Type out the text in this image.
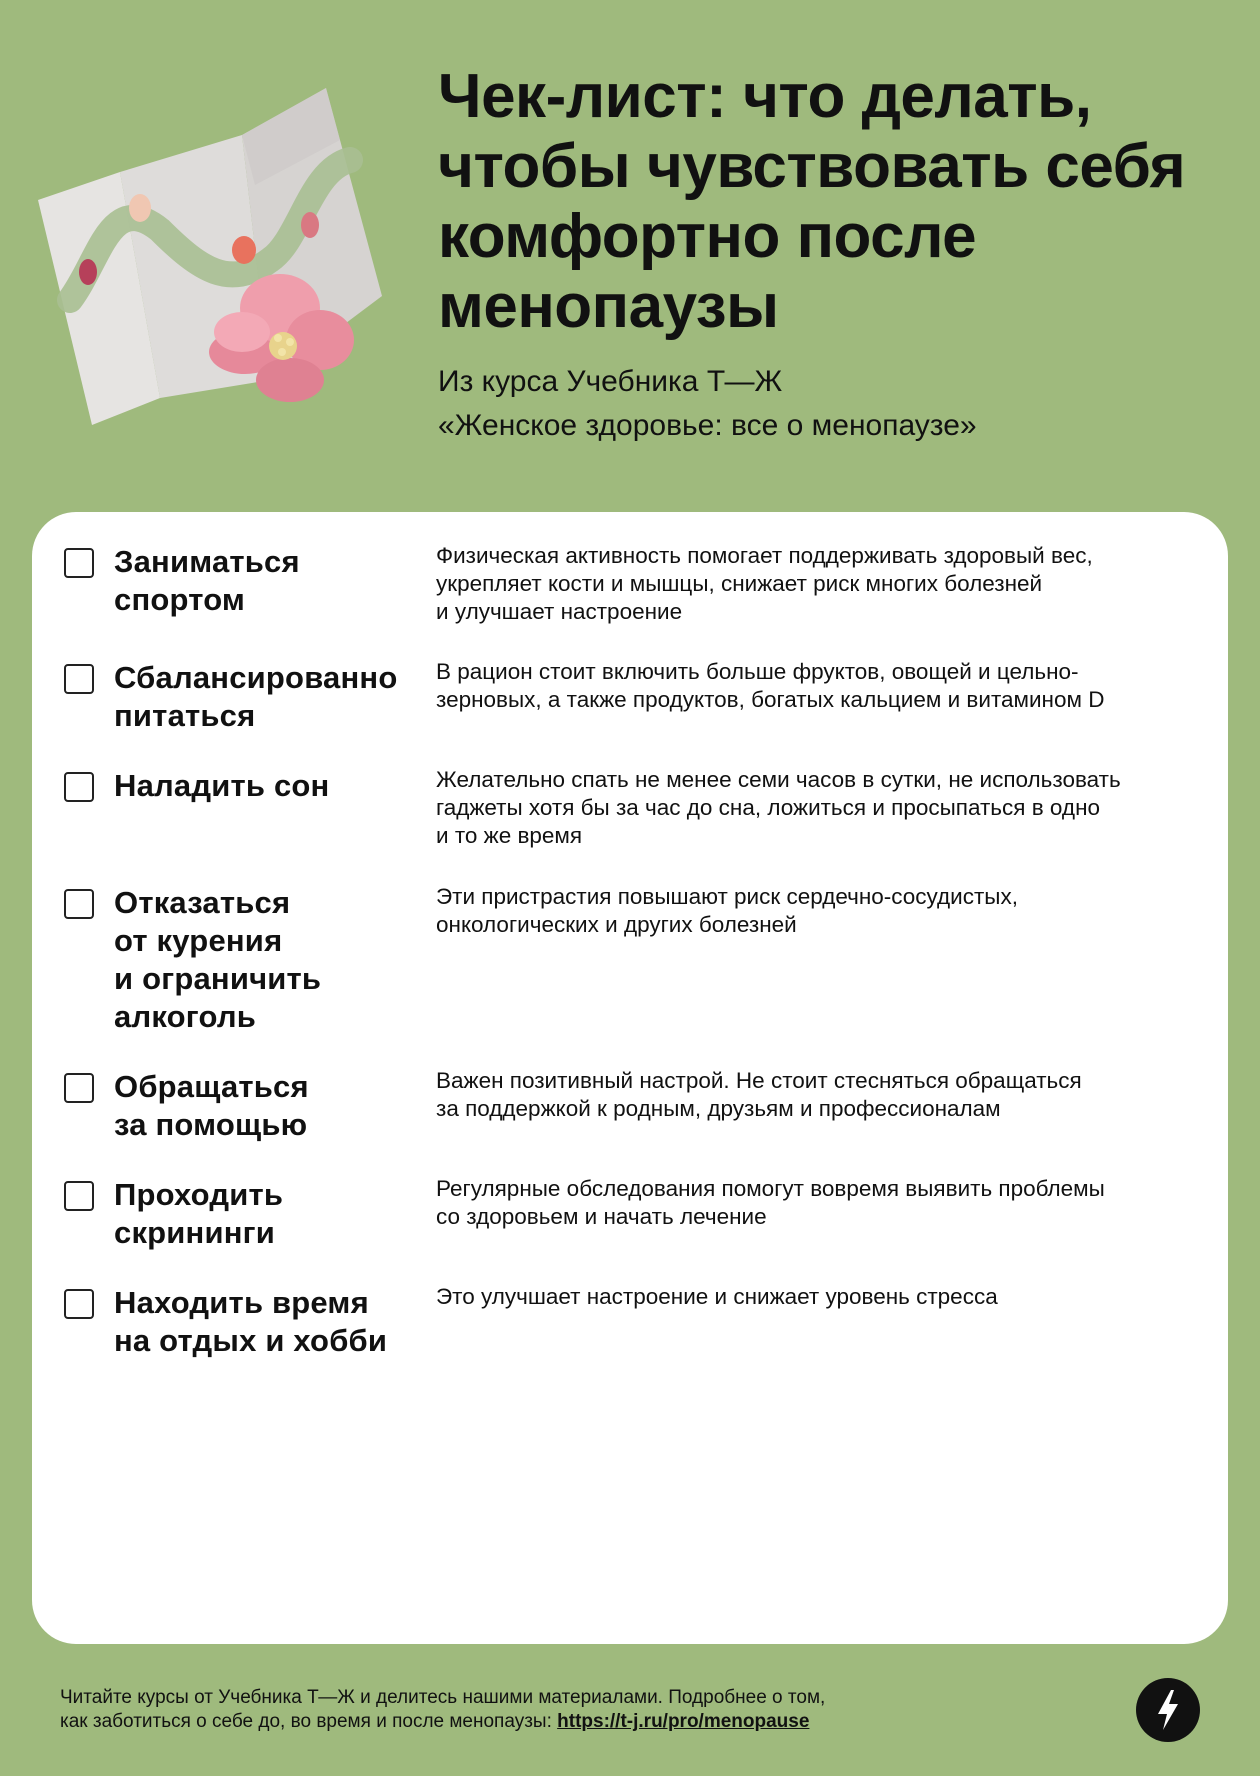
Чек-лист: что делать,
чтобы чувствовать себя
комфортно после
менопаузы
Из курса Учебника Т—Ж
«Женское здоровье: все о менопаузе»
Заниматься
спортом
Физическая активность помогает поддерживать здоровый вес,
укрепляет кости и мышцы, снижает риск многих болезней
и улучшает настроение
Сбалансированно
питаться
В рацион стоит включить больше фруктов, овощей и цельно-
зерновых, а также продуктов, богатых кальцием и витамином D
Наладить сон	Желательно спать не менее семи часов в сутки, не использовать
гаджеты хотя бы за час до сна, ложиться и просыпаться в одно
и то же время
Отказаться
от курения
и ограничить
алкоголь
Эти пристрастия повышают риск сердечно-сосудистых,
онкологических и других болезней
Обращаться
за помощью
Важен позитивный настрой. Не стоит стесняться обращаться
за поддержкой к родным, друзьям и профессионалам
Проходить
скрининги
Регулярные обследования помогут вовремя выявить проблемы
со здоровьем и начать лечение
Находить время
на отдых и хобби
Это улучшает настроение и снижает уровень стресса
Читайте курсы от Учебника Т—Ж и делитесь нашими материалами. Подробнее о том,
как заботиться о себе до, во время и после менопаузы: https://t-j.ru/pro/menopause
